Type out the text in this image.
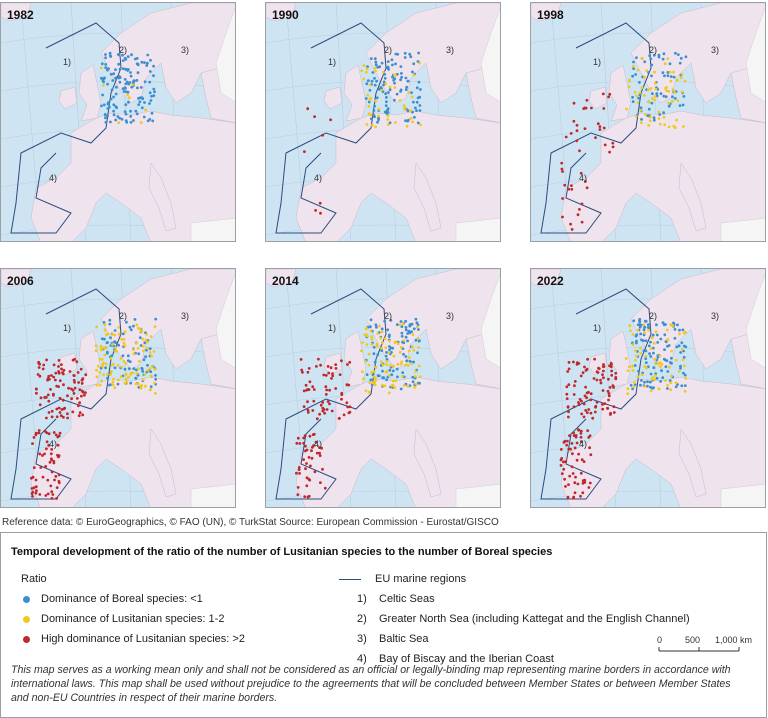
1)
2)	3)
4)
1982
1)
2)	3)
4)
1990
1)
2)	3)
4)
1998
1)
2)	3)
4)
2006
1)
2)	3)
4)
2014
1)
2)	3)
4)
2022
Reference data: © EuroGeographics, © FAO (UN), © TurkStat Source: European Commission - Eurostat/GISCO
Temporal development of the ratio of the number of Lusitanian species to the number of Boreal species
Ratio
Dominance of Boreal species: <1
Dominance of Lusitanian species: 1-2
High dominance of Lusitanian species: >2
EU marine regions
1) Celtic Seas
2) Greater North Sea (including Kattegat and the English Channel)
3) Baltic Sea
4) Bay of Biscay and the Iberian Coast
0	500 1,000 km
This map serves as a working mean only and shall not be considered as an official or legally-binding map representing marine borders in accordance with international laws. This map shall be used without prejudice to the agreements that will be concluded between Member States or between Member States and non-EU Countries in respect of their marine borders.
